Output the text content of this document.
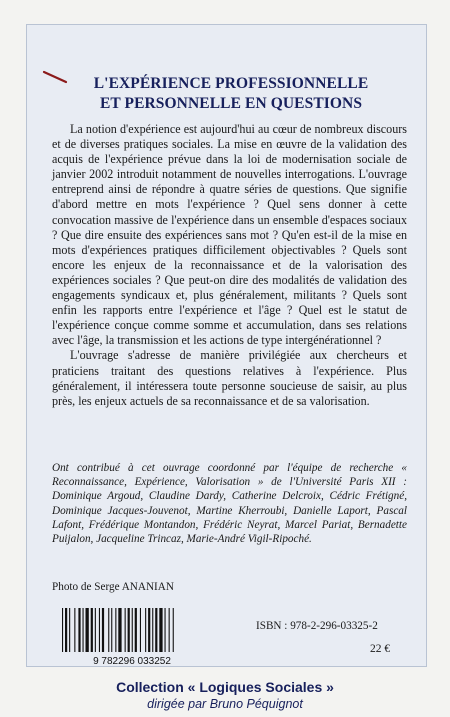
L'EXPÉRIENCE PROFESSIONNELLE
ET PERSONNELLE EN QUESTIONS

La notion d'expérience est aujourd'hui au cœur de nombreux discours et de diverses pratiques sociales. La mise en œuvre de la validation des acquis de l'expérience prévue dans la loi de modernisation sociale de janvier 2002 introduit notamment de nouvelles interrogations. L'ouvrage entreprend ainsi de répondre à quatre séries de questions. Que signifie d'abord mettre en mots l'expérience ? Quel sens donner à cette convocation massive de l'expérience dans un ensemble d'espaces sociaux ? Que dire ensuite des expériences sans mot ? Qu'en est-il de la mise en mots d'expériences pratiques difficilement objectivables ? Quels sont encore les enjeux de la reconnaissance et de la valorisation des expériences sociales ? Que peut-on dire des modalités de validation des engagements syndicaux et, plus généralement, militants ? Quels sont enfin les rapports entre l'expérience et l'âge ? Quel est le statut de l'expérience conçue comme somme et accumulation, dans ses relations avec l'âge, la transmission et les actions de type intergénérationnel ?

L'ouvrage s'adresse de manière privilégiée aux chercheurs et praticiens traitant des questions relatives à l'expérience. Plus généralement, il intéressera toute personne soucieuse de saisir, au plus près, les enjeux actuels de sa reconnaissance et de sa valorisation.

Ont contribué à cet ouvrage coordonné par l'équipe de recherche « Reconnaissance, Expérience, Valorisation » de l'Université Paris XII : Dominique Argoud, Claudine Dardy, Catherine Delcroix, Cédric Frétigné, Dominique Jacques-Jouvenot, Martine Kherroubi, Danielle Laport, Pascal Lafont, Frédérique Montandon, Frédéric Neyrat, Marcel Pariat, Bernadette Puijalon, Jacqueline Trincaz, Marie-André Vigil-Ripoché.
Photo de Serge ANANIAN
9 782296 033252
ISBN : 978-2-296-03325-2
22 €
Collection « Logiques Sociales »
dirigée par Bruno Péquignot
